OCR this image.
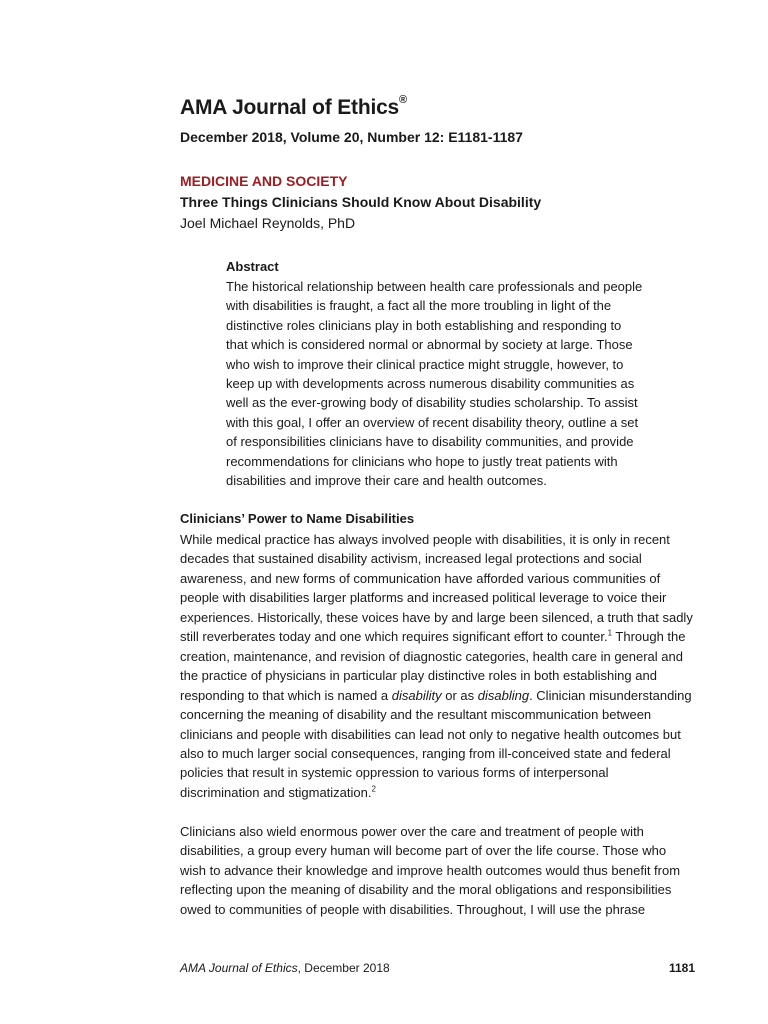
AMA Journal of Ethics®
December 2018, Volume 20, Number 12: E1181-1187
MEDICINE AND SOCIETY
Three Things Clinicians Should Know About Disability
Joel Michael Reynolds, PhD
Abstract
The historical relationship between health care professionals and people
with disabilities is fraught, a fact all the more troubling in light of the
distinctive roles clinicians play in both establishing and responding to
that which is considered normal or abnormal by society at large. Those
who wish to improve their clinical practice might struggle, however, to
keep up with developments across numerous disability communities as
well as the ever-growing body of disability studies scholarship. To assist
with this goal, I offer an overview of recent disability theory, outline a set
of responsibilities clinicians have to disability communities, and provide
recommendations for clinicians who hope to justly treat patients with
disabilities and improve their care and health outcomes.
Clinicians’ Power to Name Disabilities
While medical practice has always involved people with disabilities, it is only in recent
decades that sustained disability activism, increased legal protections and social
awareness, and new forms of communication have afforded various communities of
people with disabilities larger platforms and increased political leverage to voice their
experiences. Historically, these voices have by and large been silenced, a truth that sadly
still reverberates today and one which requires significant effort to counter.$^1$ Through the
creation, maintenance, and revision of diagnostic categories, health care in general and
the practice of physicians in particular play distinctive roles in both establishing and
responding to that which is named a disability or as disabling. Clinician misunderstanding
concerning the meaning of disability and the resultant miscommunication between
clinicians and people with disabilities can lead not only to negative health outcomes but
also to much larger social consequences, ranging from ill-conceived state and federal
policies that result in systemic oppression to various forms of interpersonal
discrimination and stigmatization.$^2$
Clinicians also wield enormous power over the care and treatment of people with
disabilities, a group every human will become part of over the life course. Those who
wish to advance their knowledge and improve health outcomes would thus benefit from
reflecting upon the meaning of disability and the moral obligations and responsibilities
owed to communities of people with disabilities. Throughout, I will use the phrase
AMA Journal of Ethics, December 2018	1181
